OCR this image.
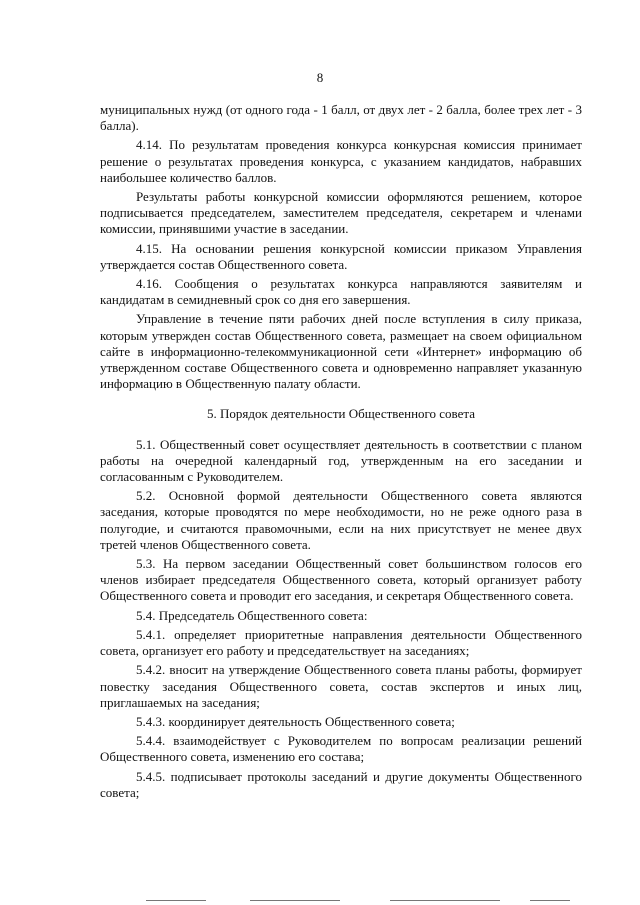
8

муниципальных нужд (от одного года - 1 балл, от двух лет - 2 балла, более трех лет - 3 балла).

4.14. По результатам проведения конкурса конкурсная комиссия принимает решение о результатах проведения конкурса, с указанием кандидатов, набравших наибольшее количество баллов.

Результаты работы конкурсной комиссии оформляются решением, которое подписывается председателем, заместителем председателя, секретарем и членами комиссии, принявшими участие в заседании.

4.15. На основании решения конкурсной комиссии приказом Управления утверждается состав Общественного совета.

4.16. Сообщения о результатах конкурса направляются заявителям и кандидатам в семидневный срок со дня его завершения.

Управление в течение пяти рабочих дней после вступления в силу приказа, которым утвержден состав Общественного совета, размещает на своем официальном сайте в информационно-телекоммуникационной сети «Интернет» информацию об утвержденном составе Общественного совета и одновременно направляет указанную информацию в Общественную палату области.

5. Порядок деятельности Общественного совета

5.1. Общественный совет осуществляет деятельность в соответствии с планом работы на очередной календарный год, утвержденным на его заседании и согласованным с Руководителем.

5.2. Основной формой деятельности Общественного совета являются заседания, которые проводятся по мере необходимости, но не реже одного раза в полугодие, и считаются правомочными, если на них присутствует не менее двух третей членов Общественного совета.

5.3. На первом заседании Общественный совет большинством голосов его членов избирает председателя Общественного совета, который организует работу Общественного совета и проводит его заседания, и секретаря Общественного совета.

5.4. Председатель Общественного совета:

5.4.1. определяет приоритетные направления деятельности Общественного совета, организует его работу и председательствует на заседаниях;

5.4.2. вносит на утверждение Общественного совета планы работы, формирует повестку заседания Общественного совета, состав экспертов и иных лиц, приглашаемых на заседания;

5.4.3. координирует деятельность Общественного совета;

5.4.4. взаимодействует с Руководителем по вопросам реализации решений Общественного совета, изменению его состава;

5.4.5. подписывает протоколы заседаний и другие документы Общественного совета;
